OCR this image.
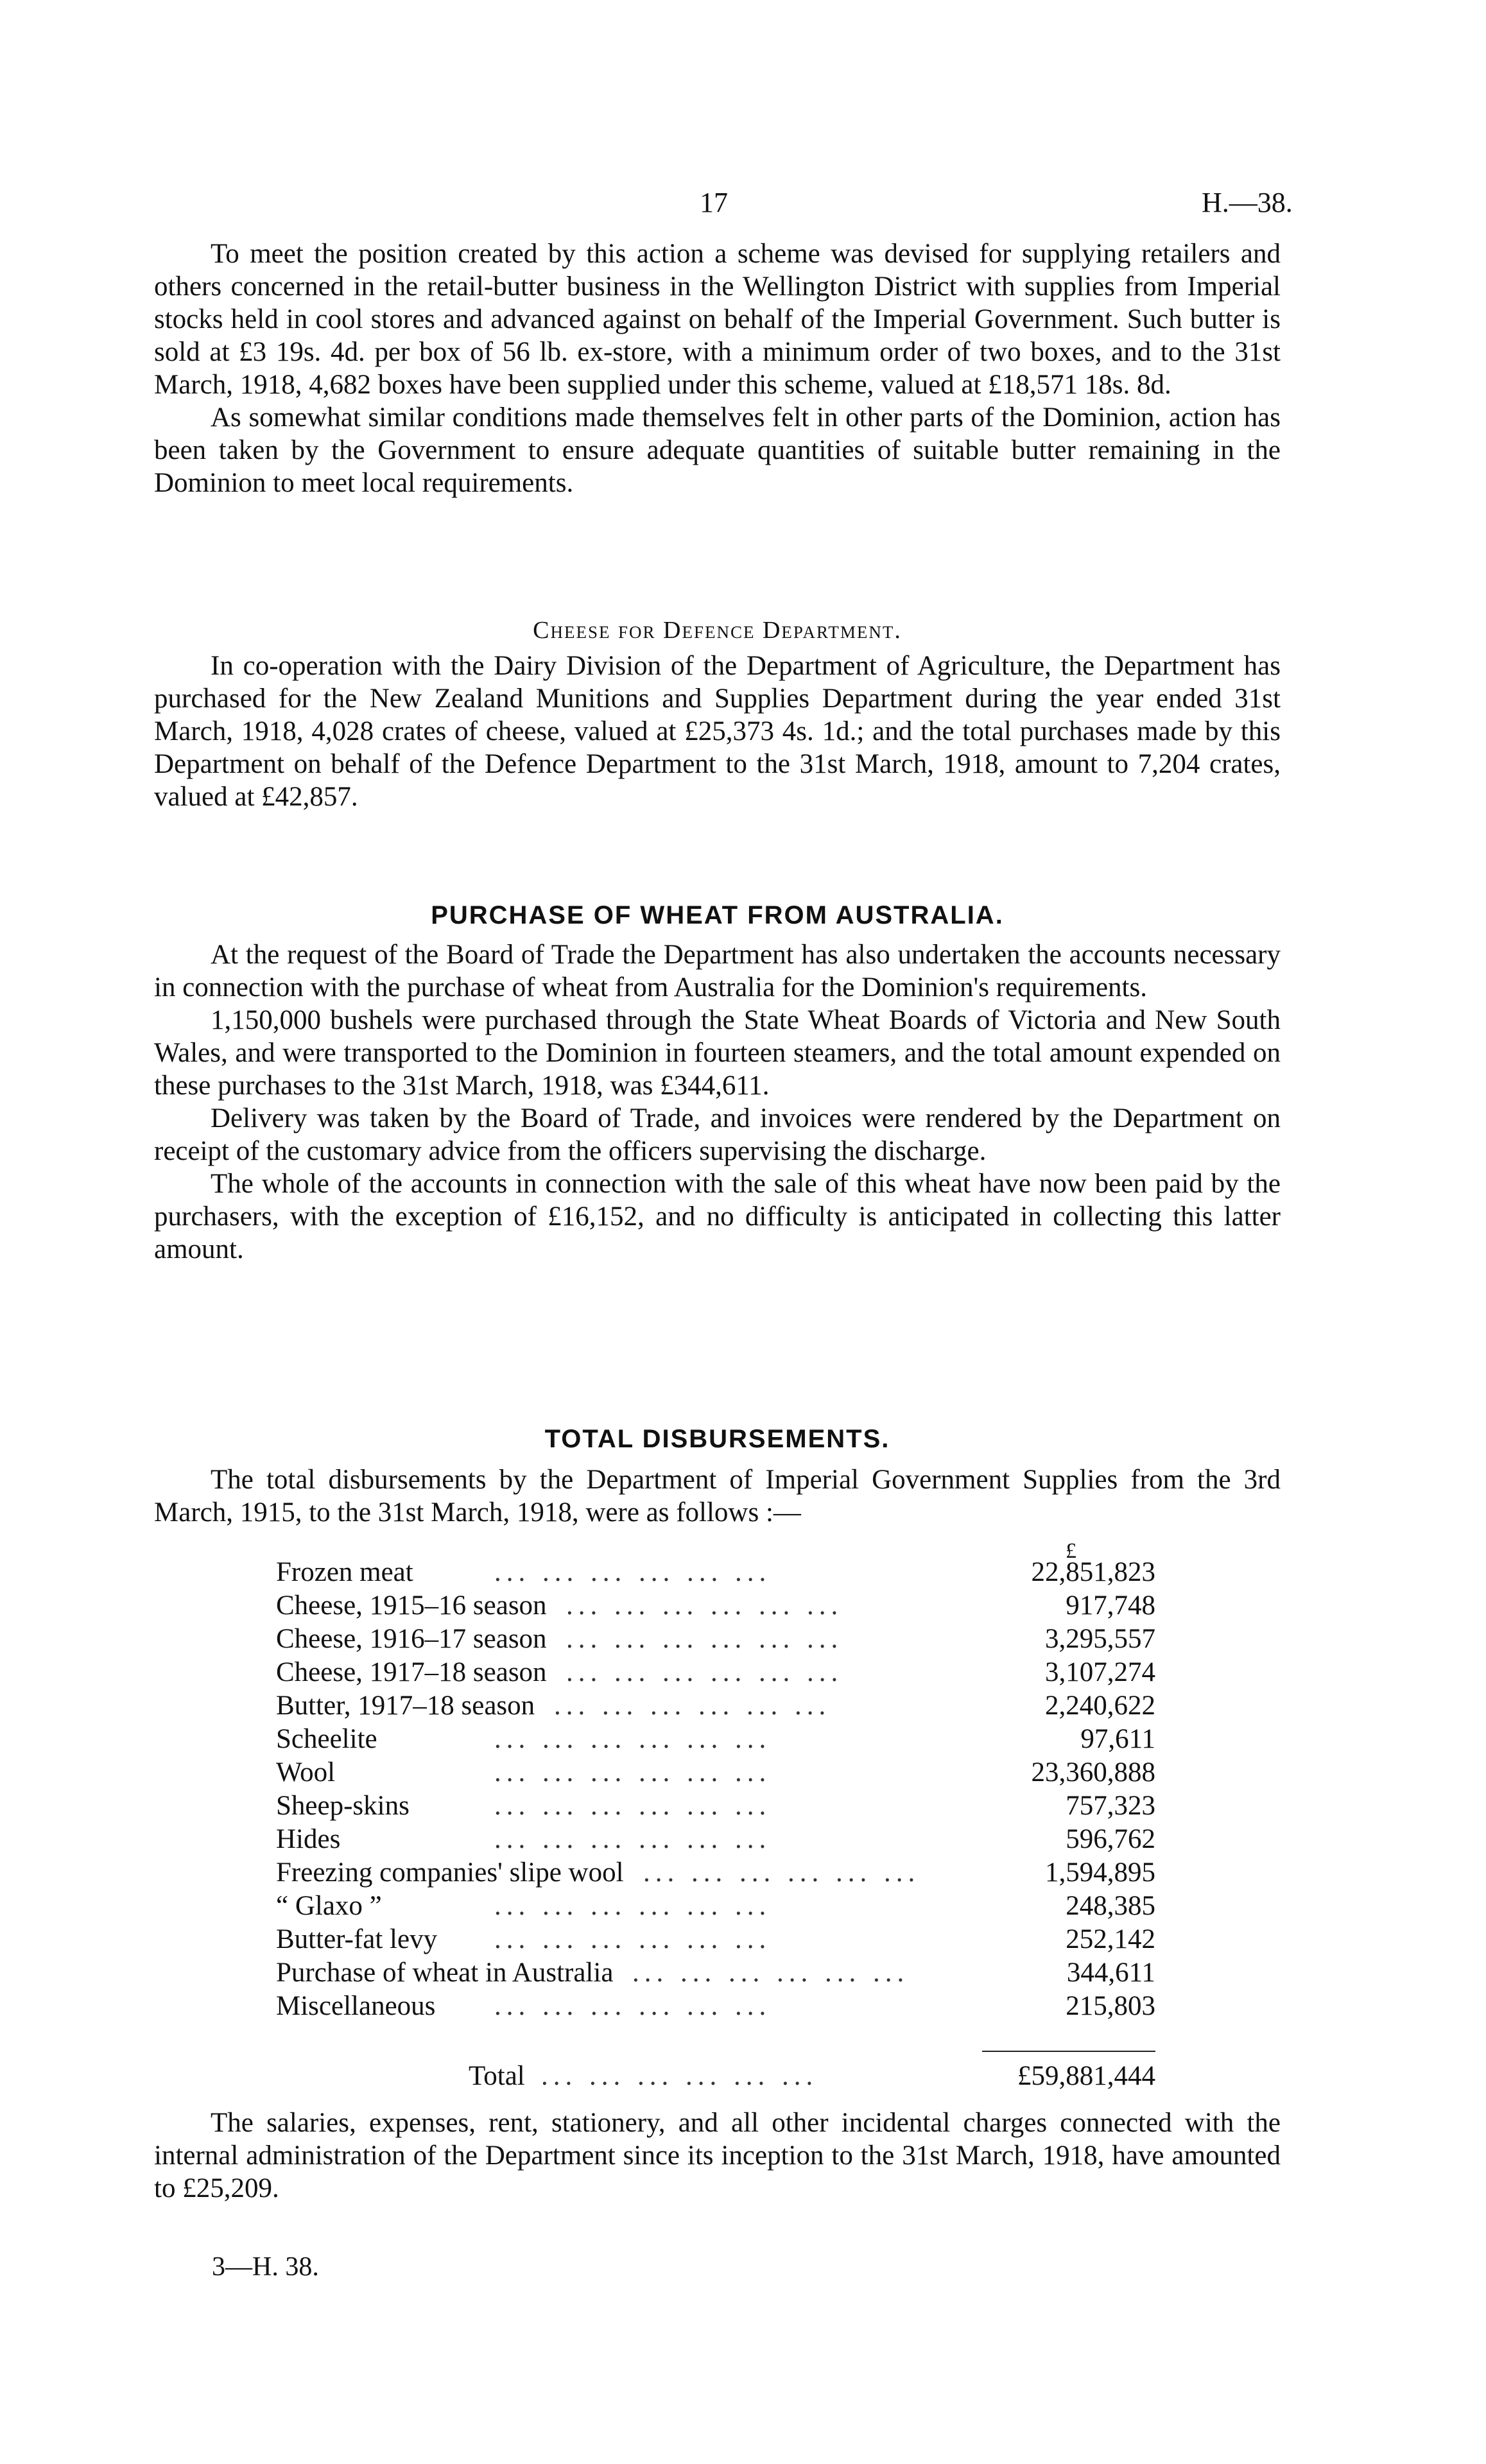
17	H.—38.

To meet the position created by this action a scheme was devised for supplying retailers and others concerned in the retail-butter business in the Wellington District with supplies from Imperial stocks held in cool stores and advanced against on behalf of the Imperial Government. Such butter is sold at £3 19s. 4d. per box of 56 lb. ex-store, with a minimum order of two boxes, and to the 31st March, 1918, 4,682 boxes have been supplied under this scheme, valued at £18,571 18s. 8d.

As somewhat similar conditions made themselves felt in other parts of the Dominion, action has been taken by the Government to ensure adequate quantities of suitable butter remaining in the Dominion to meet local requirements.

Cheese for Defence Department.

In co-operation with the Dairy Division of the Department of Agriculture, the Department has purchased for the New Zealand Munitions and Supplies Department during the year ended 31st March, 1918, 4,028 crates of cheese, valued at £25,373 4s. 1d.; and the total purchases made by this Department on behalf of the Defence Department to the 31st March, 1918, amount to 7,204 crates, valued at £42,857.

PURCHASE OF WHEAT FROM AUSTRALIA.

At the request of the Board of Trade the Department has also undertaken the accounts necessary in connection with the purchase of wheat from Australia for the Dominion's requirements.

1,150,000 bushels were purchased through the State Wheat Boards of Victoria and New South Wales, and were transported to the Dominion in fourteen steamers, and the total amount expended on these purchases to the 31st March, 1918, was £344,611.

Delivery was taken by the Board of Trade, and invoices were rendered by the Department on receipt of the customary advice from the officers supervising the discharge.

The whole of the accounts in connection with the sale of this wheat have now been paid by the purchasers, with the exception of £16,152, and no difficulty is anticipated in collecting this latter amount.

TOTAL DISBURSEMENTS.

The total disbursements by the Department of Imperial Government Supplies from the 3rd March, 1915, to the 31st March, 1918, were as follows :—

£
Frozen meat	... ... ... ... ... ...	22,851,823
Cheese, 1915–16 season ... ... ... ... ... ...	917,748
Cheese, 1916–17 season ... ... ... ... ... ...	3,295,557
Cheese, 1917–18 season ... ... ... ... ... ...	3,107,274
Butter, 1917–18 season ... ... ... ... ... ...	2,240,622
Scheelite	... ... ... ... ... ...	97,611
Wool	... ... ... ... ... ...	23,360,888
Sheep-skins	... ... ... ... ... ...	757,323
Hides	... ... ... ... ... ...	596,762
Freezing companies' slipe wool ... ... ... ... ... ...	1,594,895
“ Glaxo ”	... ... ... ... ... ...	248,385
Butter-fat levy ... ... ... ... ... ...	252,142
Purchase of wheat in Australia ... ... ... ... ... ...	344,611
Miscellaneous ... ... ... ... ... ...	215,803
Total ... ... ... ... ... ...	£59,881,444

The salaries, expenses, rent, stationery, and all other incidental charges connected with the internal administration of the Department since its inception to the 31st March, 1918, have amounted to £25,209.

3—H. 38.
